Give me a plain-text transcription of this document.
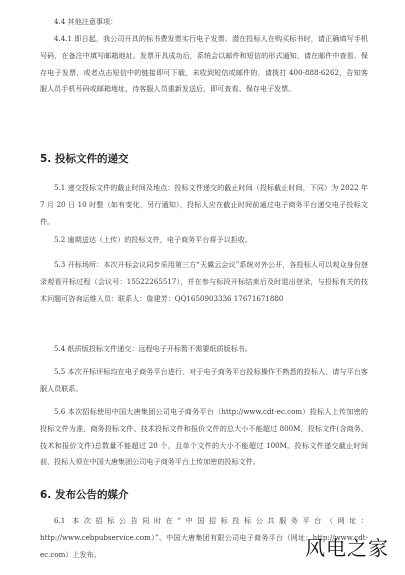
4.4 其他注意事项：

4.4.1 即日起，我公司开具的标书费发票实行电子发票。潜在投标人在购买标书时，请正确填写手机号码，在备注中填写邮箱地址。发票开具成功后，系统会以邮件和短信的形式通知，请在邮件中查看、保存电子发票，或者点击短信中的链接即可下载，未收到短信或邮件的，请拨打 400-888-6262，告知客服人员手机号码或邮箱地址，待客服人员重新发送后，即可查看、保存电子发票。

5. 投标文件的递交

5.1 递交投标文件的截止时间及地点：投标文件递交的截止时间（投标截止时间，下同）为 2022 年 7 月 20 日 10 时整（如有变化，另行通知），投标人应在截止时间前通过电子商务平台递交电子投标文件。

5.2 逾期送达（上传）的投标文件，电子商务平台将予以拒收。

5.3 开标场所：本次开标会议同步采用第三方“天翼云会议”系统对外公开，各投标人可以观众身份登录观看开标过程（会议号：15522265517），并在参与标段开标结束后及时退出登录，与投标有关的技术问题可咨询运维人员：联系人：詹建芳：QQ1650903336 17671671880

5.4 纸质版投标文件递交：远程电子开标暂不需要纸质版标书。

5.5 本次开标评标均在电子商务平台进行，对于电子商务平台投标操作不熟悉的投标人，请与平台客服人员联系。

5.6 本次招标使用中国大唐集团公司电子商务平台（http://www.cdt-ec.com）投标人上传加密的投标文件为准，商务投标文件、技术投标文件和报价文件的总大小不能超过 800M，投标文件(含商务、技术和报价文件)总数量不能超过 20 个，且单个文件的大小不能超过 100M。投标文件递交截止时间前，投标人须在中国大唐集团公司电子商务平台上传加密的投标文件。

6. 发布公告的媒介

6.1 本次招标公告同时在“中国招标投标公共服务平台（网址：http://www.cebpubservice.com）”、中国大唐集团有限公司电子商务平台（网址：http://www.cdt-ec.com）上发布。	风电之家
